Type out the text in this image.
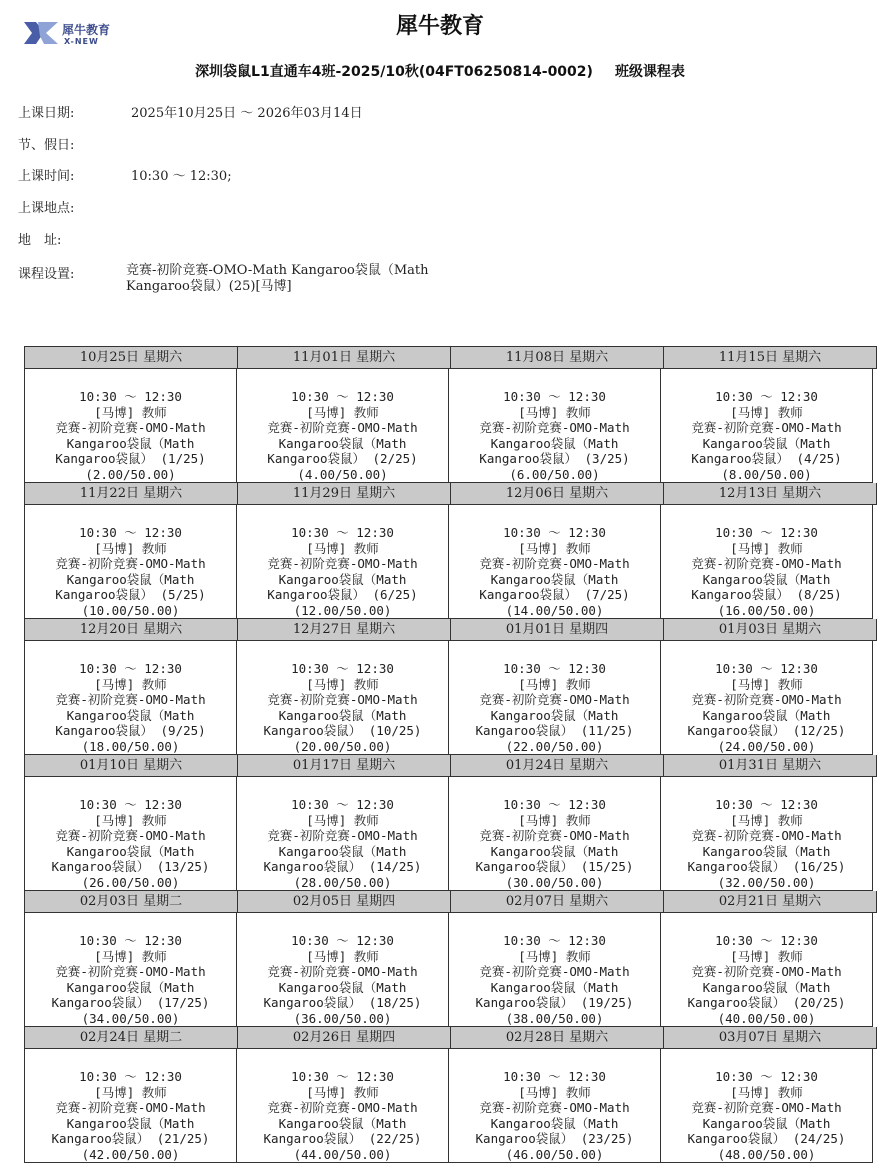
犀牛教育
X-NEW
犀牛教育
深圳袋鼠L1直通车4班-2025/10秋(04FT06250814-0002) 班级课程表
上课日期:	2025年10月25日 ～ 2026年03月14日
节、假日:
上课时间:	10:30 ～ 12:30;
上课地点:
地　址:
课程设置:	竞赛-初阶竞赛-OMO-Math Kangaroo袋鼠（Math Kangaroo袋鼠）(25)[马博]
10月25日 星期六	11月01日 星期六	11月08日 星期六	11月15日 星期六
10:30 ～ 12:30
[马博] 教师
竞赛-初阶竞赛-OMO-Math
Kangaroo袋鼠（Math
Kangaroo袋鼠） (1/25)
(2.00/50.00)
10:30 ～ 12:30
[马博] 教师
竞赛-初阶竞赛-OMO-Math
Kangaroo袋鼠（Math
Kangaroo袋鼠） (2/25)
(4.00/50.00)
10:30 ～ 12:30
[马博] 教师
竞赛-初阶竞赛-OMO-Math
Kangaroo袋鼠（Math
Kangaroo袋鼠） (3/25)
(6.00/50.00)
10:30 ～ 12:30
[马博] 教师
竞赛-初阶竞赛-OMO-Math
Kangaroo袋鼠（Math
Kangaroo袋鼠） (4/25)
(8.00/50.00)
11月22日 星期六	11月29日 星期六	12月06日 星期六	12月13日 星期六
10:30 ～ 12:30
[马博] 教师
竞赛-初阶竞赛-OMO-Math
Kangaroo袋鼠（Math
Kangaroo袋鼠） (5/25)
(10.00/50.00)
10:30 ～ 12:30
[马博] 教师
竞赛-初阶竞赛-OMO-Math
Kangaroo袋鼠（Math
Kangaroo袋鼠） (6/25)
(12.00/50.00)
10:30 ～ 12:30
[马博] 教师
竞赛-初阶竞赛-OMO-Math
Kangaroo袋鼠（Math
Kangaroo袋鼠） (7/25)
(14.00/50.00)
10:30 ～ 12:30
[马博] 教师
竞赛-初阶竞赛-OMO-Math
Kangaroo袋鼠（Math
Kangaroo袋鼠） (8/25)
(16.00/50.00)
12月20日 星期六	12月27日 星期六	01月01日 星期四	01月03日 星期六
10:30 ～ 12:30
[马博] 教师
竞赛-初阶竞赛-OMO-Math
Kangaroo袋鼠（Math
Kangaroo袋鼠） (9/25)
(18.00/50.00)
10:30 ～ 12:30
[马博] 教师
竞赛-初阶竞赛-OMO-Math
Kangaroo袋鼠（Math
Kangaroo袋鼠） (10/25)
(20.00/50.00)
10:30 ～ 12:30
[马博] 教师
竞赛-初阶竞赛-OMO-Math
Kangaroo袋鼠（Math
Kangaroo袋鼠） (11/25)
(22.00/50.00)
10:30 ～ 12:30
[马博] 教师
竞赛-初阶竞赛-OMO-Math
Kangaroo袋鼠（Math
Kangaroo袋鼠） (12/25)
(24.00/50.00)
01月10日 星期六	01月17日 星期六	01月24日 星期六	01月31日 星期六
10:30 ～ 12:30
[马博] 教师
竞赛-初阶竞赛-OMO-Math
Kangaroo袋鼠（Math
Kangaroo袋鼠） (13/25)
(26.00/50.00)
10:30 ～ 12:30
[马博] 教师
竞赛-初阶竞赛-OMO-Math
Kangaroo袋鼠（Math
Kangaroo袋鼠） (14/25)
(28.00/50.00)
10:30 ～ 12:30
[马博] 教师
竞赛-初阶竞赛-OMO-Math
Kangaroo袋鼠（Math
Kangaroo袋鼠） (15/25)
(30.00/50.00)
10:30 ～ 12:30
[马博] 教师
竞赛-初阶竞赛-OMO-Math
Kangaroo袋鼠（Math
Kangaroo袋鼠） (16/25)
(32.00/50.00)
02月03日 星期二	02月05日 星期四	02月07日 星期六	02月21日 星期六
10:30 ～ 12:30
[马博] 教师
竞赛-初阶竞赛-OMO-Math
Kangaroo袋鼠（Math
Kangaroo袋鼠） (17/25)
(34.00/50.00)
10:30 ～ 12:30
[马博] 教师
竞赛-初阶竞赛-OMO-Math
Kangaroo袋鼠（Math
Kangaroo袋鼠） (18/25)
(36.00/50.00)
10:30 ～ 12:30
[马博] 教师
竞赛-初阶竞赛-OMO-Math
Kangaroo袋鼠（Math
Kangaroo袋鼠） (19/25)
(38.00/50.00)
10:30 ～ 12:30
[马博] 教师
竞赛-初阶竞赛-OMO-Math
Kangaroo袋鼠（Math
Kangaroo袋鼠） (20/25)
(40.00/50.00)
02月24日 星期二	02月26日 星期四	02月28日 星期六	03月07日 星期六
10:30 ～ 12:30
[马博] 教师
竞赛-初阶竞赛-OMO-Math
Kangaroo袋鼠（Math
Kangaroo袋鼠） (21/25)
(42.00/50.00)
10:30 ～ 12:30
[马博] 教师
竞赛-初阶竞赛-OMO-Math
Kangaroo袋鼠（Math
Kangaroo袋鼠） (22/25)
(44.00/50.00)
10:30 ～ 12:30
[马博] 教师
竞赛-初阶竞赛-OMO-Math
Kangaroo袋鼠（Math
Kangaroo袋鼠） (23/25)
(46.00/50.00)
10:30 ～ 12:30
[马博] 教师
竞赛-初阶竞赛-OMO-Math
Kangaroo袋鼠（Math
Kangaroo袋鼠） (24/25)
(48.00/50.00)
